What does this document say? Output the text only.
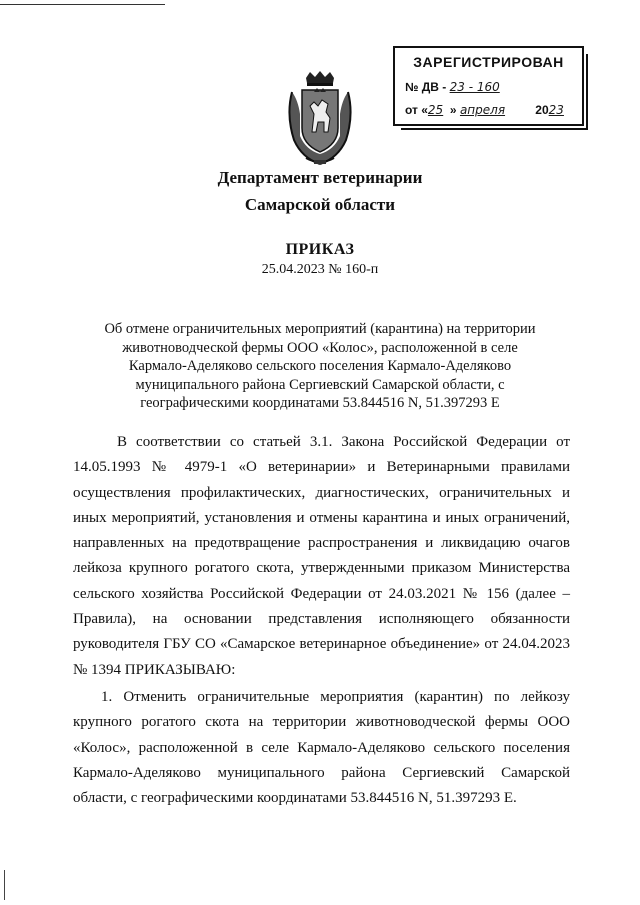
ЗАРЕГИСТРИРОВАН
№ ДВ - 23 - 160
от «25 » апреля	2023
Департамент ветеринарии
Самарской области
ПРИКАЗ
25.04.2023 № 160-п
Об отмене ограничительных мероприятий (карантина) на территории животноводческой фермы ООО «Колос», расположенной в селе Кармало-Аделяково сельского поселения Кармало-Аделяково муниципального района Сергиевский Самарской области, с географическими координатами 53.844516 N, 51.397293 E

В соответствии со статьей 3.1. Закона Российской Федерации от 14.05.1993 № 4979-1 «О ветеринарии» и Ветеринарными правилами осуществления профилактических, диагностических, ограничительных и иных мероприятий, установления и отмены карантина и иных ограничений, направленных на предотвращение распространения и ликвидацию очагов лейкоза крупного рогатого скота, утвержденными приказом Министерства сельского хозяйства Российской Федерации от 24.03.2021 № 156 (далее – Правила), на основании представления исполняющего обязанности руководителя ГБУ СО «Самарское ветеринарное объединение» от 24.04.2023 № 1394 ПРИКАЗЫВАЮ:

1. Отменить ограничительные мероприятия (карантин) по лейкозу крупного рогатого скота на территории животноводческой фермы ООО «Колос», расположенной в селе Кармало-Аделяково сельского поселения Кармало-Аделяково муниципального района Сергиевский Самарской области, с географическими координатами 53.844516 N, 51.397293 E.
